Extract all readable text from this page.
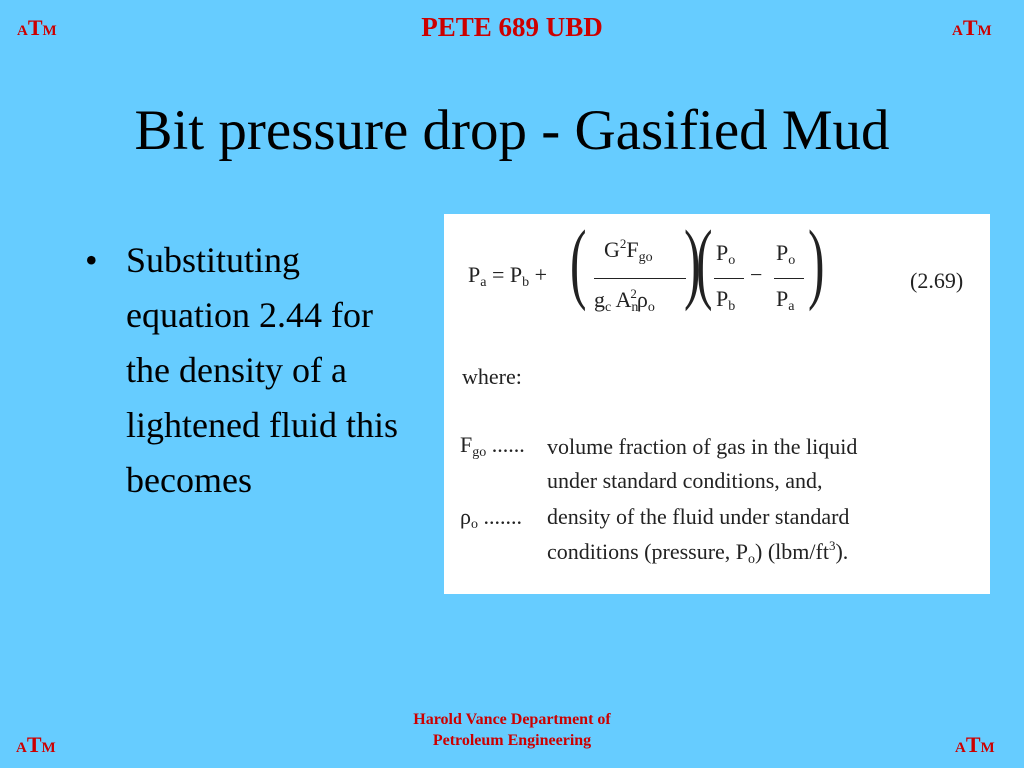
ATM	ATM
ATM	ATM
PETE 689 UBD
Bit pressure drop - Gasified Mud
• Substituting equation 2.44 for the density of a lightened fluid this becomes
$P_a = P_b$ + ( $G^2F_{go}$
$g_c$ $A_n^2\rho_o$ )
( $P_o$
$P_b$
−
$P_o$
$P_a$ )	(2.69)
where:
$F_{go}$ ...... volume fraction of gas in the liquid
under standard conditions, and,
$\rho_o$ ....... density of the fluid under standard
conditions (pressure, $P_o$) $(lbm/ft^3)$.
Harold Vance Department of
Petroleum Engineering
